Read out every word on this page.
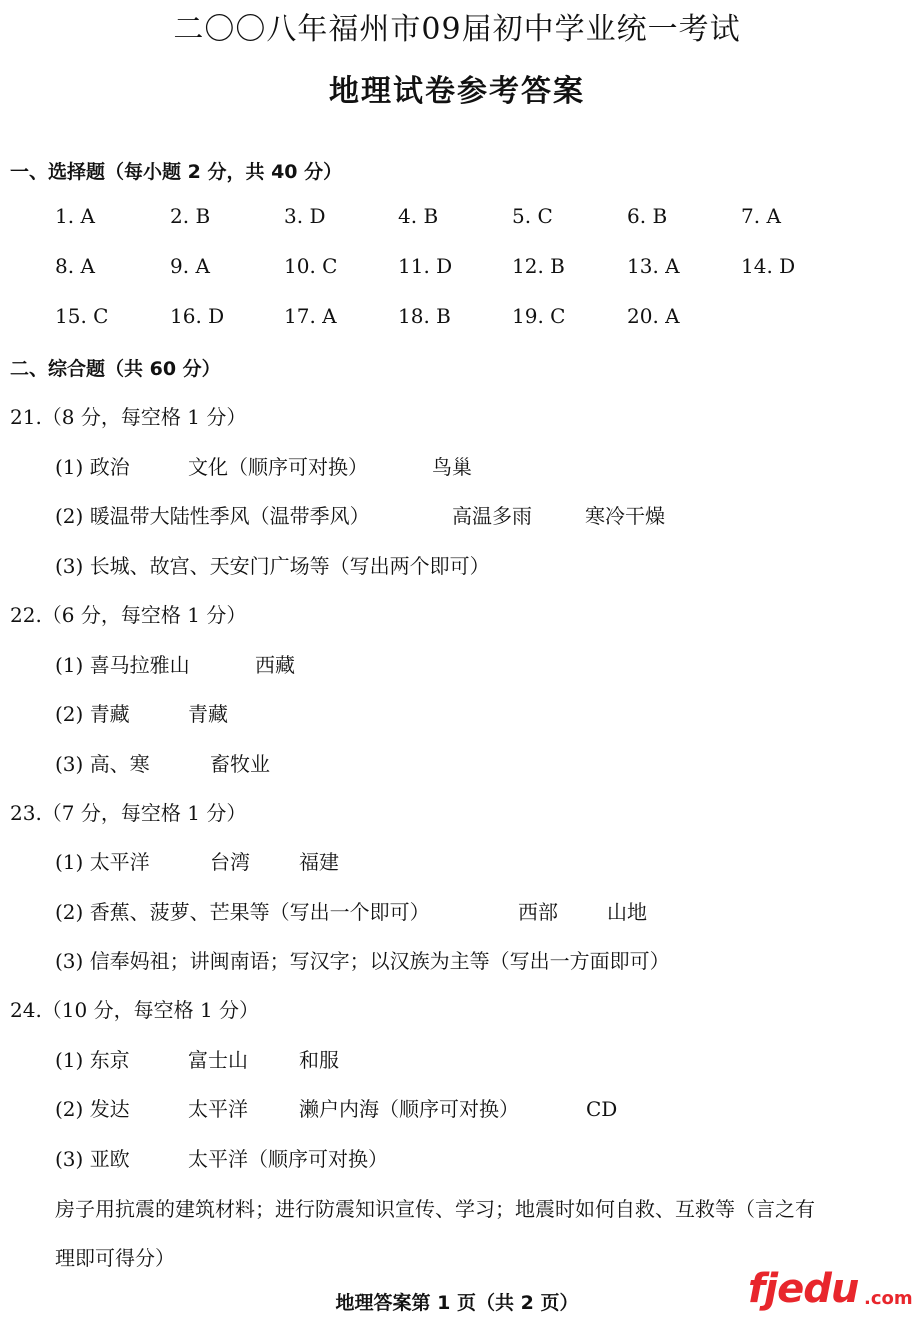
二〇〇八年福州市09届初中学业统一考试
地理试卷参考答案
一、选择题（每小题 2 分，共 40 分）
1. A	2. B	3. D	4. B	5. C	6. B	7. A
8. A	9. A	10. C	11. D	12. B	13. A	14. D
15. C	16. D	17. A	18. B	19. C	20. A
二、综合题（共 60 分）
21.（8 分，每空格 1 分）
(1) 政治	文化（顺序可对换）	鸟巢
(2) 暖温带大陆性季风（温带季风）	高温多雨	寒冷干燥
(3) 长城、故宫、天安门广场等（写出两个即可）
22.（6 分，每空格 1 分）
(1) 喜马拉雅山	西藏
(2) 青藏	青藏
(3) 高、寒	畜牧业
23.（7 分，每空格 1 分）
(1) 太平洋	台湾 福建
(2) 香蕉、菠萝、芒果等（写出一个即可）	西部 山地
(3) 信奉妈祖；讲闽南语；写汉字；以汉族为主等（写出一方面即可）
24.（10 分，每空格 1 分）
(1) 东京	富士山	和服
(2) 发达	太平洋	濑户内海（顺序可对换）	CD
(3) 亚欧	太平洋（顺序可对换）
房子用抗震的建筑材料；进行防震知识宣传、学习；地震时如何自救、互救等（言之有
理即可得分）
地理答案第 1 页（共 2 页）	fjedu .com
